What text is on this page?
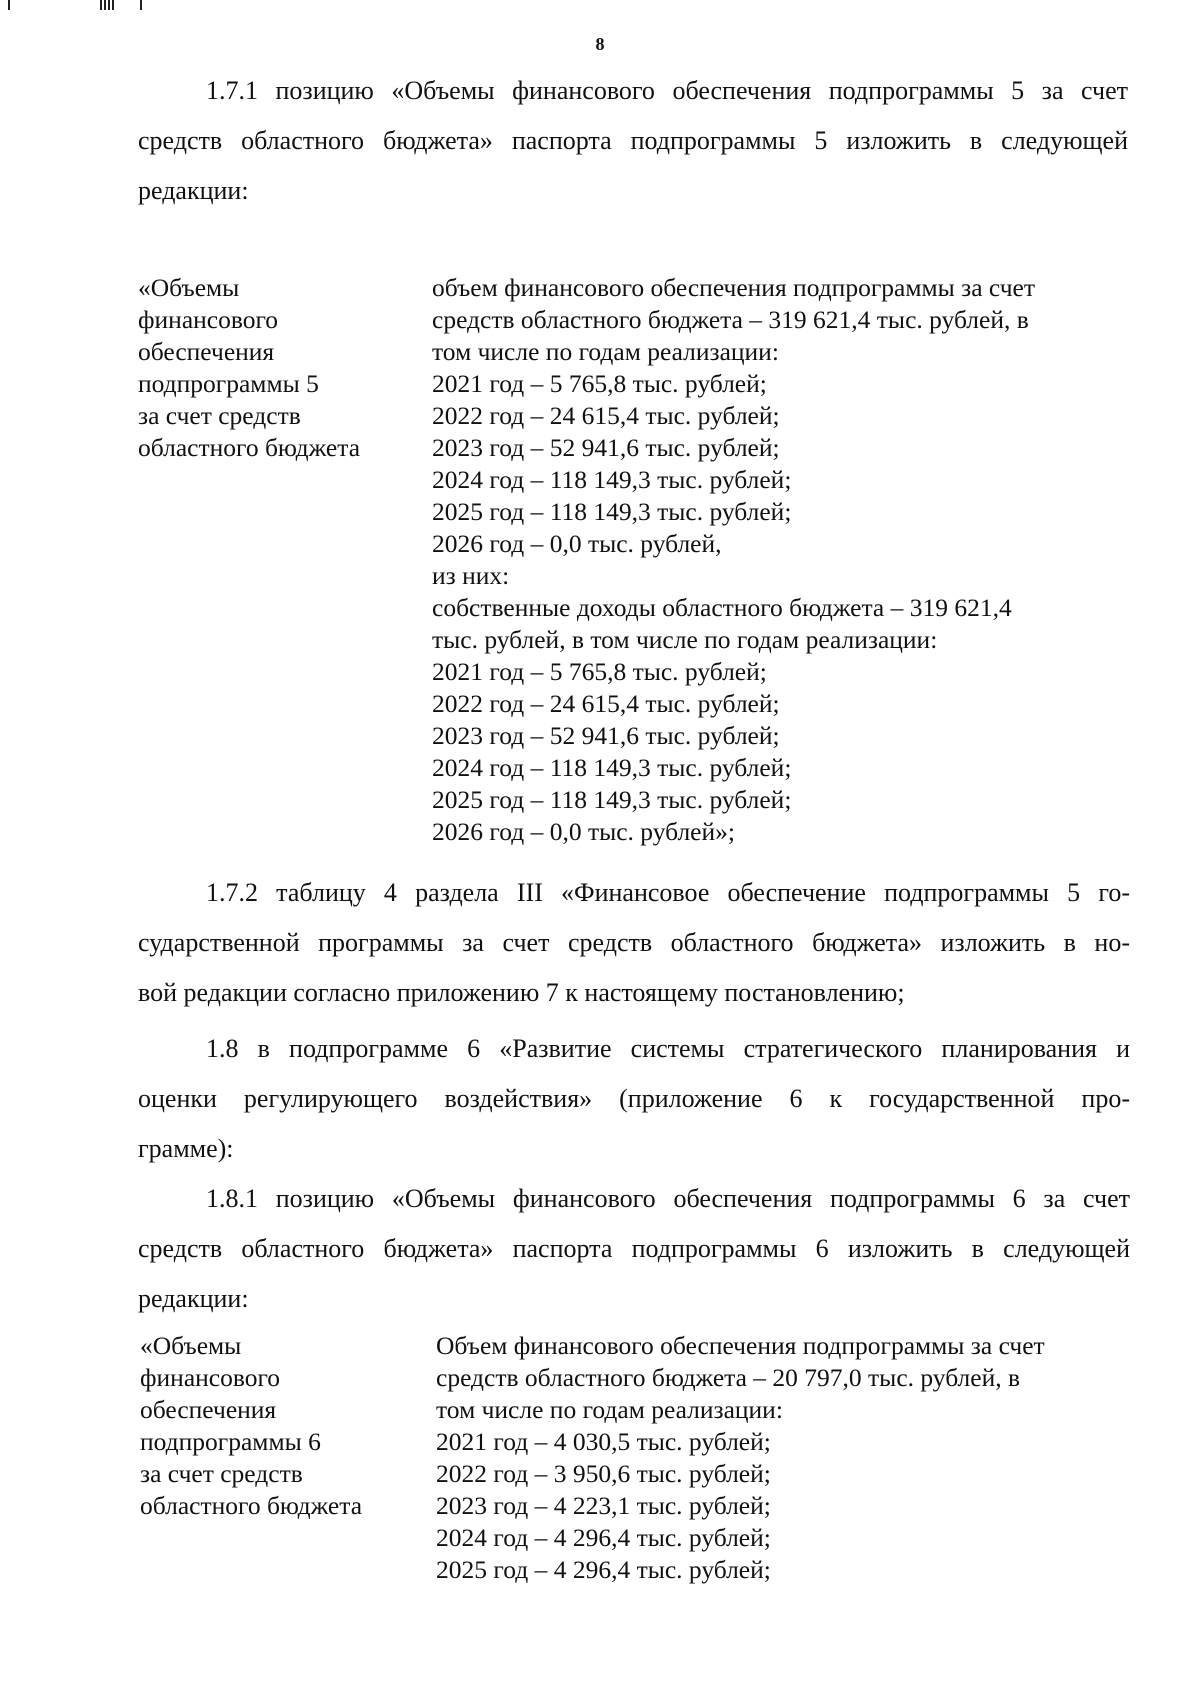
8
1.7.1 позицию «Объемы финансового обеспечения подпрограммы 5 за счет
средств областного бюджета» паспорта подпрограммы 5 изложить в следующей
редакции:
«Объемы
финансового
обеспечения
подпрограммы 5
за счет средств
областного бюджета
объем финансового обеспечения подпрограммы за счет
средств областного бюджета – 319 621,4 тыс. рублей, в
том числе по годам реализации:
2021 год – 5 765,8 тыс. рублей;
2022 год – 24 615,4 тыс. рублей;
2023 год – 52 941,6 тыс. рублей;
2024 год – 118 149,3 тыс. рублей;
2025 год – 118 149,3 тыс. рублей;
2026 год – 0,0 тыс. рублей,
из них:
собственные доходы областного бюджета – 319 621,4
тыс. рублей, в том числе по годам реализации:
2021 год – 5 765,8 тыс. рублей;
2022 год – 24 615,4 тыс. рублей;
2023 год – 52 941,6 тыс. рублей;
2024 год – 118 149,3 тыс. рублей;
2025 год – 118 149,3 тыс. рублей;
2026 год – 0,0 тыс. рублей»;
1.7.2 таблицу 4 раздела III «Финансовое обеспечение подпрограммы 5 го-
сударственной программы за счет средств областного бюджета» изложить в но-
вой редакции согласно приложению 7 к настоящему постановлению;
1.8 в подпрограмме 6 «Развитие системы стратегического планирования и
оценки регулирующего воздействия» (приложение 6 к государственной про-
грамме):
1.8.1 позицию «Объемы финансового обеспечения подпрограммы 6 за счет
средств областного бюджета» паспорта подпрограммы 6 изложить в следующей
редакции:
«Объемы
финансового
обеспечения
подпрограммы 6
за счет средств
областного бюджета
Объем финансового обеспечения подпрограммы за счет
средств областного бюджета – 20 797,0 тыс. рублей, в
том числе по годам реализации:
2021 год – 4 030,5 тыс. рублей;
2022 год – 3 950,6 тыс. рублей;
2023 год – 4 223,1 тыс. рублей;
2024 год – 4 296,4 тыс. рублей;
2025 год – 4 296,4 тыс. рублей;
